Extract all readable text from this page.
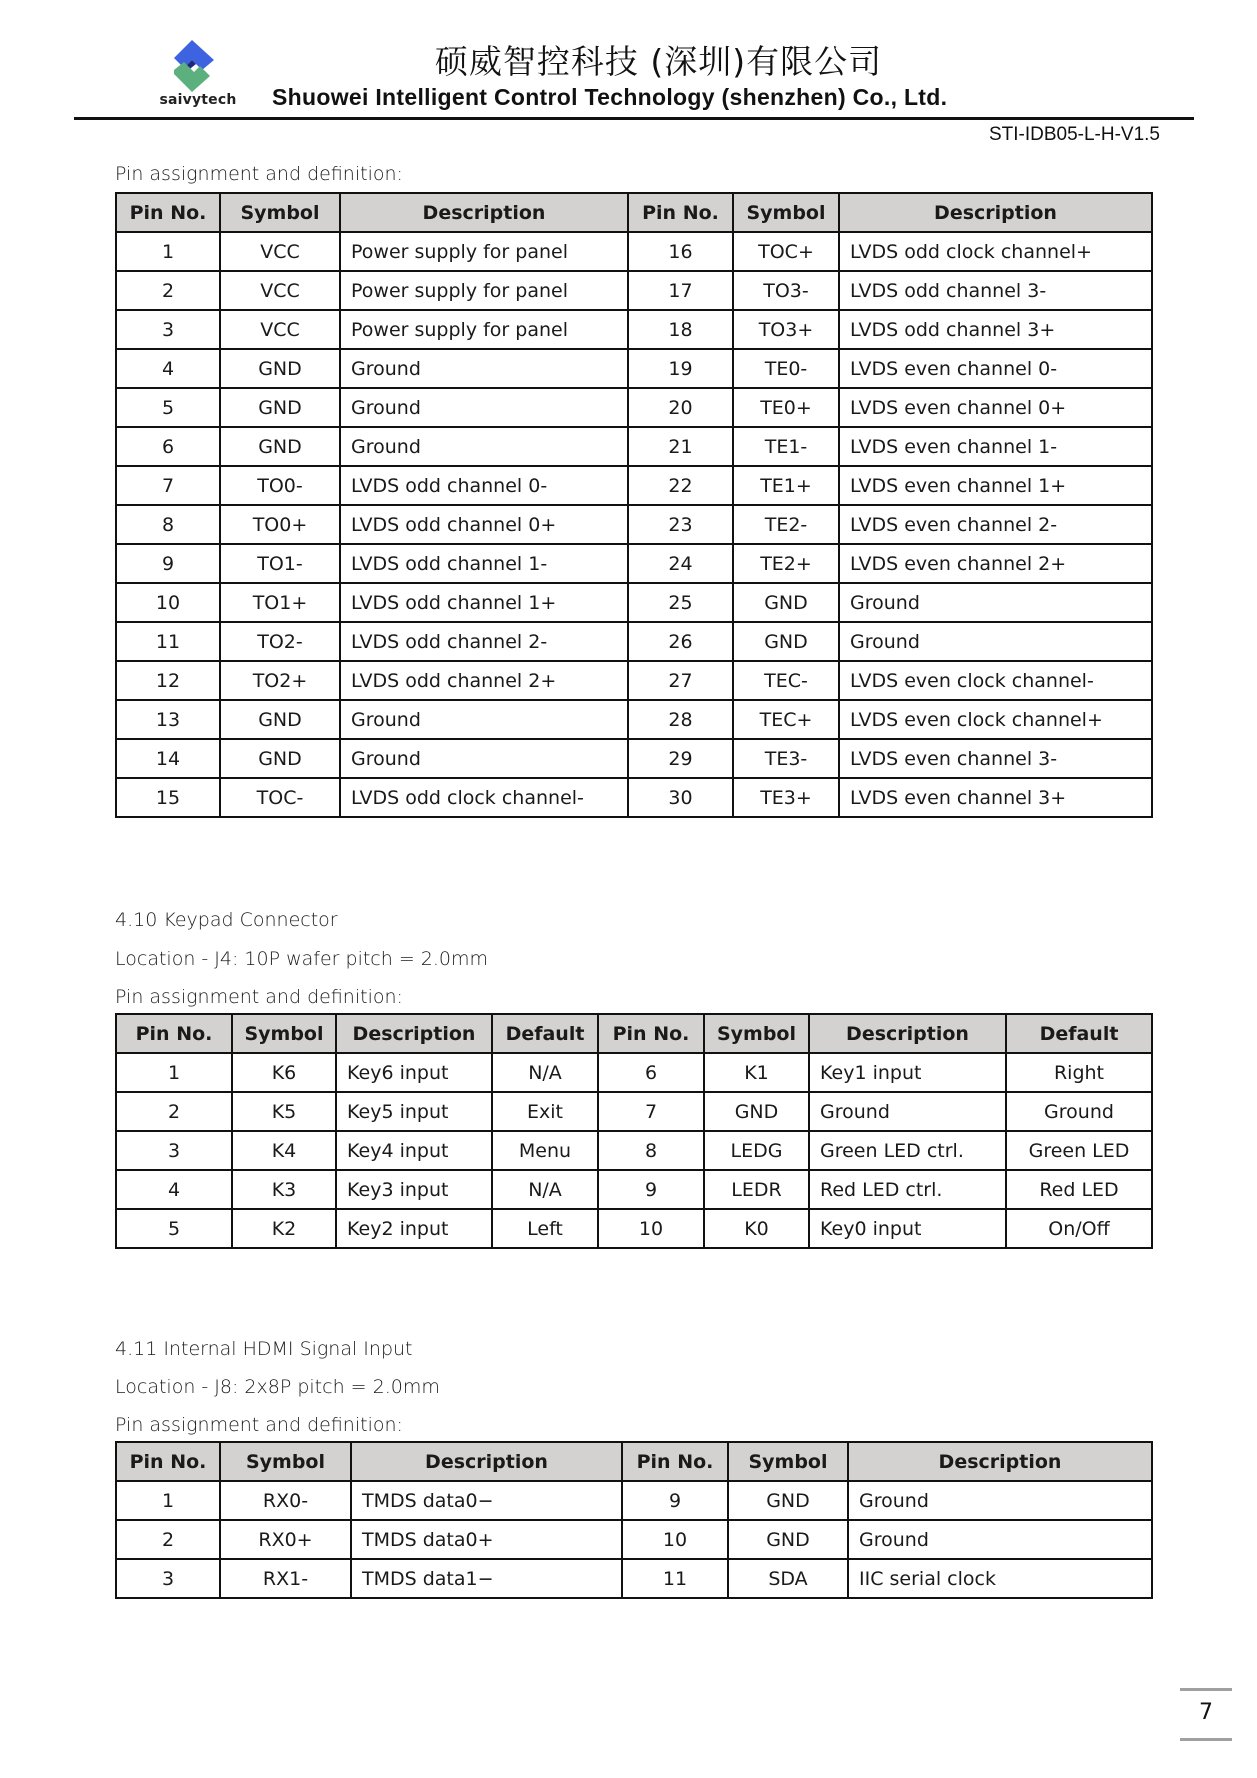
saivytech
硕威智控科技 (深圳)有限公司
Shuowei Intelligent Control Technology (shenzhen) Co., Ltd.
STI-IDB05-L-H-V1.5
Pin assignment and definition:
Pin No.	Symbol	Description	Pin No.	Symbol	Description
1	VCC	Power supply for panel	16	TOC+	LVDS odd clock channel+
2	VCC	Power supply for panel	17	TO3-	LVDS odd channel 3-
3	VCC	Power supply for panel	18	TO3+	LVDS odd channel 3+
4	GND	Ground	19	TE0-	LVDS even channel 0-
5	GND	Ground	20	TE0+	LVDS even channel 0+
6	GND	Ground	21	TE1-	LVDS even channel 1-
7	TO0-	LVDS odd channel 0-	22	TE1+	LVDS even channel 1+
8	TO0+	LVDS odd channel 0+	23	TE2-	LVDS even channel 2-
9	TO1-	LVDS odd channel 1-	24	TE2+	LVDS even channel 2+
10	TO1+	LVDS odd channel 1+	25	GND	Ground
11	TO2-	LVDS odd channel 2-	26	GND	Ground
12	TO2+	LVDS odd channel 2+	27	TEC-	LVDS even clock channel-
13	GND	Ground	28	TEC+	LVDS even clock channel+
14	GND	Ground	29	TE3-	LVDS even channel 3-
15	TOC-	LVDS odd clock channel-	30	TE3+	LVDS even channel 3+
4.10 Keypad Connector
Location - J4: 10P wafer pitch = 2.0mm
Pin assignment and definition:
Pin No.	Symbol	Description	Default	Pin No.	Symbol	Description	Default
1	K6	Key6 input	N/A	6	K1	Key1 input	Right
2	K5	Key5 input	Exit	7	GND	Ground	Ground
3	K4	Key4 input	Menu	8	LEDG	Green LED ctrl.	Green LED
4	K3	Key3 input	N/A	9	LEDR	Red LED ctrl.	Red LED
5	K2	Key2 input	Left	10	K0	Key0 input	On/Off
4.11 Internal HDMI Signal Input
Location - J8: 2x8P pitch = 2.0mm
Pin assignment and definition:
Pin No.	Symbol	Description	Pin No.	Symbol	Description
1	RX0-	TMDS data0−	9	GND	Ground
2	RX0+	TMDS data0+	10	GND	Ground
3	RX1-	TMDS data1−	11	SDA	IIC serial clock
7
